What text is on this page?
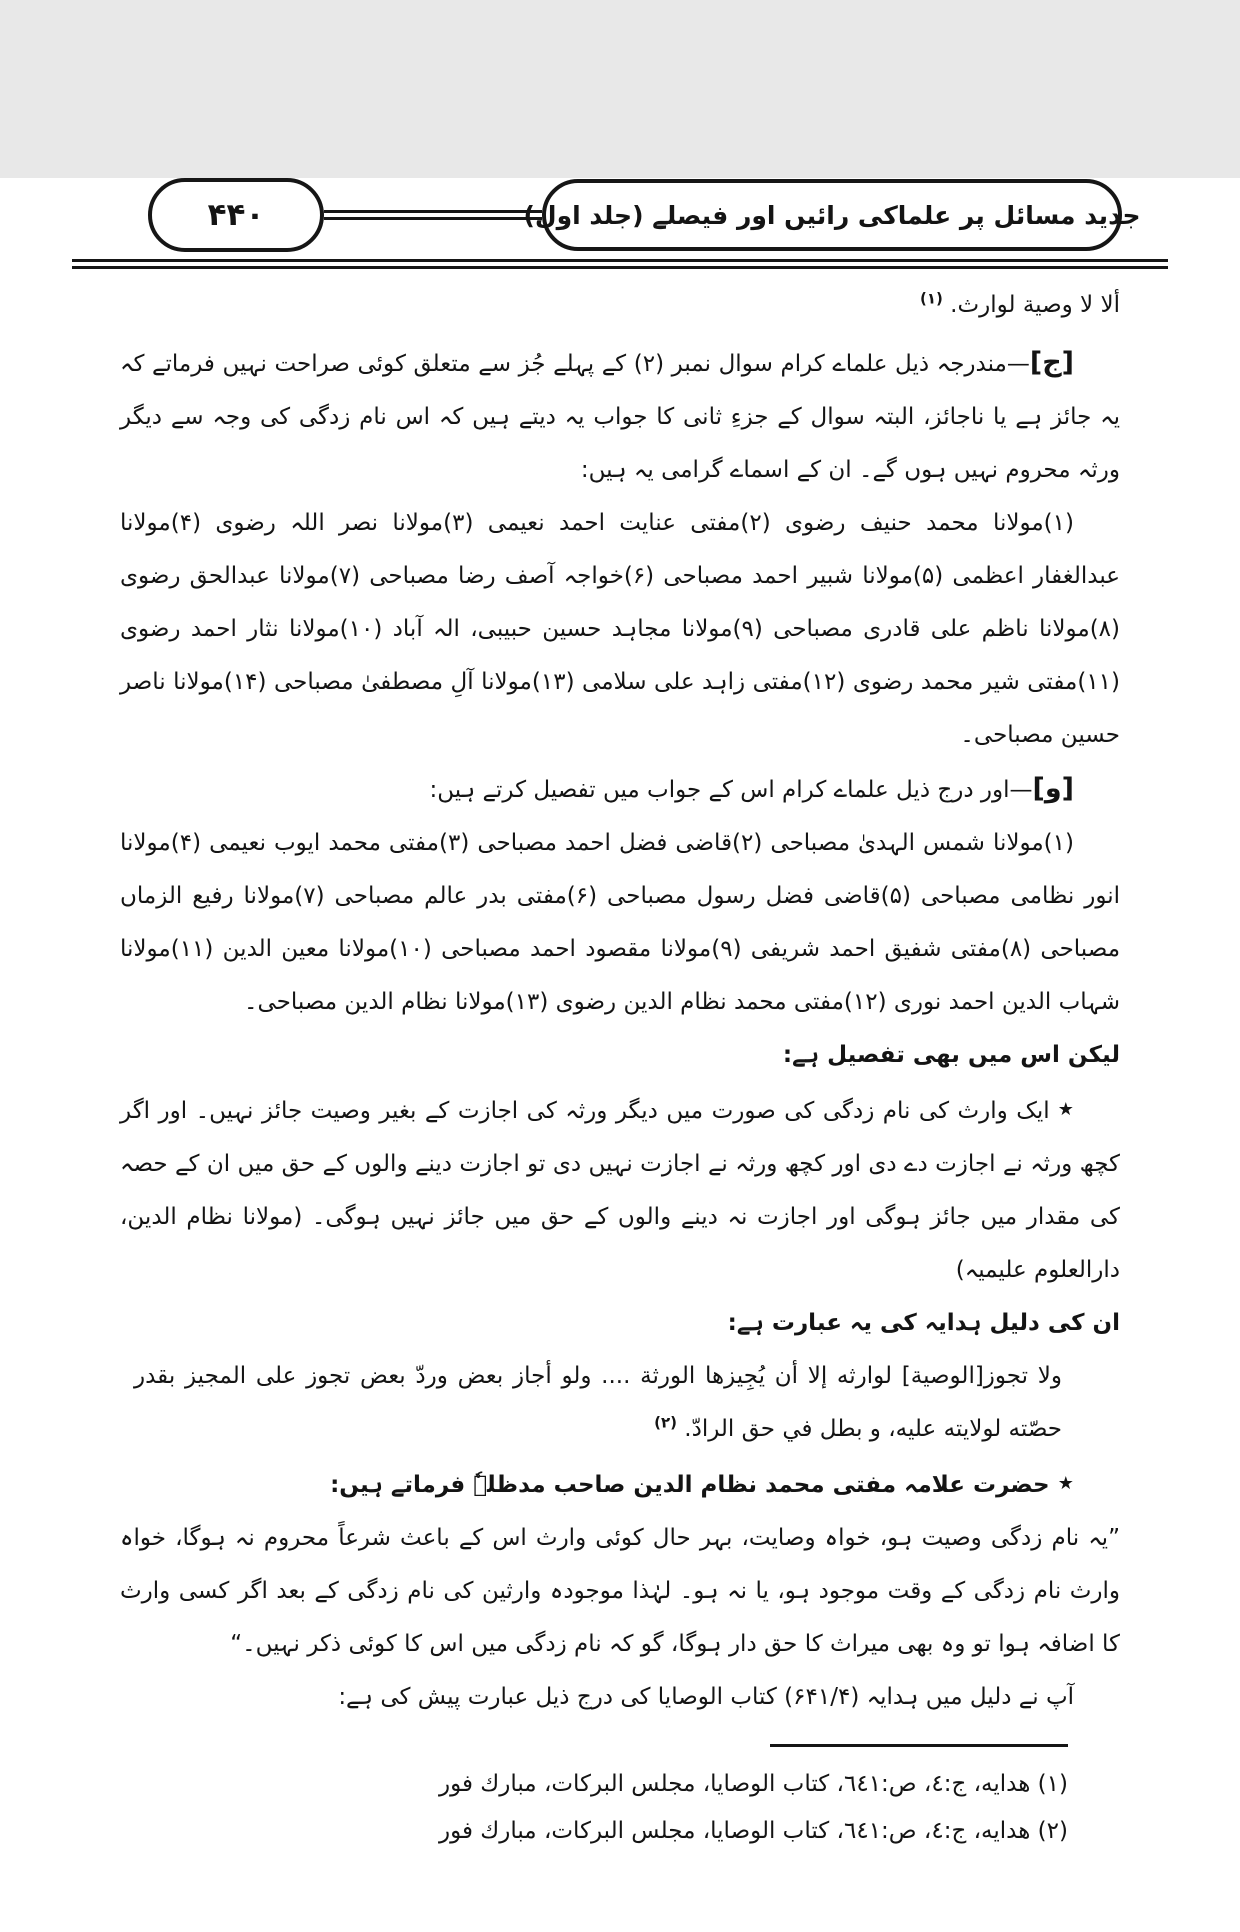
۴۴۰	جدید مسائل پر علماکی رائیں اور فیصلے (جلد اول)

ألا لا وصية لوارث. $^{(۱)}$

[ج]—مندرجہ ذیل علماے کرام سوال نمبر (۲) کے پہلے جُز سے متعلق کوئی صراحت نہیں فرماتے کہ یہ جائز ہے یا ناجائز، البتہ سوال کے جزءِ ثانی کا جواب یہ دیتے ہیں کہ اس نام زدگی کی وجہ سے دیگر ورثہ محروم نہیں ہوں گے۔ ان کے اسماے گرامی یہ ہیں:

(۱)مولانا محمد حنیف رضوی (۲)مفتی عنایت احمد نعیمی (۳)مولانا نصر اللہ رضوی (۴)مولانا عبدالغفار اعظمی (۵)مولانا شبیر احمد مصباحی (۶)خواجہ آصف رضا مصباحی (۷)مولانا عبدالحق رضوی (۸)مولانا ناظم علی قادری مصباحی (۹)مولانا مجاہد حسین حبیبی، الہ آباد (۱۰)مولانا نثار احمد رضوی (۱۱)مفتی شیر محمد رضوی (۱۲)مفتی زاہد علی سلامی (۱۳)مولانا آلِ مصطفیٰ مصباحی (۱۴)مولانا ناصر حسین مصباحی۔

[و]—اور درج ذیل علماے کرام اس کے جواب میں تفصیل کرتے ہیں:

(۱)مولانا شمس الہدیٰ مصباحی (۲)قاضی فضل احمد مصباحی (۳)مفتی محمد ایوب نعیمی (۴)مولانا انور نظامی مصباحی (۵)قاضی فضل رسول مصباحی (۶)مفتی بدر عالم مصباحی (۷)مولانا رفیع الزماں مصباحی (۸)مفتی شفیق احمد شریفی (۹)مولانا مقصود احمد مصباحی (۱۰)مولانا معین الدین (۱۱)مولانا شہاب الدین احمد نوری (۱۲)مفتی محمد نظام الدین رضوی (۱۳)مولانا نظام الدین مصباحی۔

لیکن اس میں بھی تفصیل ہے:

٭ایک وارث کی نام زدگی کی صورت میں دیگر ورثہ کی اجازت کے بغیر وصیت جائز نہیں۔ اور اگر کچھ ورثہ نے اجازت دے دی اور کچھ ورثہ نے اجازت نہیں دی تو اجازت دینے والوں کے حق میں ان کے حصہ کی مقدار میں جائز ہوگی اور اجازت نہ دینے والوں کے حق میں جائز نہیں ہوگی۔ (مولانا نظام الدین، دارالعلوم علیمیہ)

ان کی دلیل ہدایہ کی یہ عبارت ہے:

ولا تجوز[الوصية] لوارثه إلا أن يُجِيزها الورثة .... ولو أجاز بعض وردّ بعض تجوز على المجيز بقدر حصّته لولايته عليه، و بطل في حق الرادّ. $^{(۲)}$

٭حضرت علامہ مفتی محمد نظام الدین صاحب مدظلہٗ فرماتے ہیں:

”یہ نام زدگی وصیت ہو، خواہ وصایت، بہر حال کوئی وارث اس کے باعث شرعاً محروم نہ ہوگا، خواہ وارث نام زدگی کے وقت موجود ہو، یا نہ ہو۔ لہٰذا موجودہ وارثین کی نام زدگی کے بعد اگر کسی وارث کا اضافہ ہوا تو وہ بھی میراث کا حق دار ہوگا، گو کہ نام زدگی میں اس کا کوئی ذکر نہیں۔“

آپ نے دلیل میں ہدایہ (۶۴۱/۴) کتاب الوصایا کی درج ذیل عبارت پیش کی ہے:

(۱) هدايه، ج:٤، ص:٦٤١، كتاب الوصايا، مجلس البركات، مبارك فور

(۲) هدايه، ج:٤، ص:٦٤١، كتاب الوصايا، مجلس البركات، مبارك فور
